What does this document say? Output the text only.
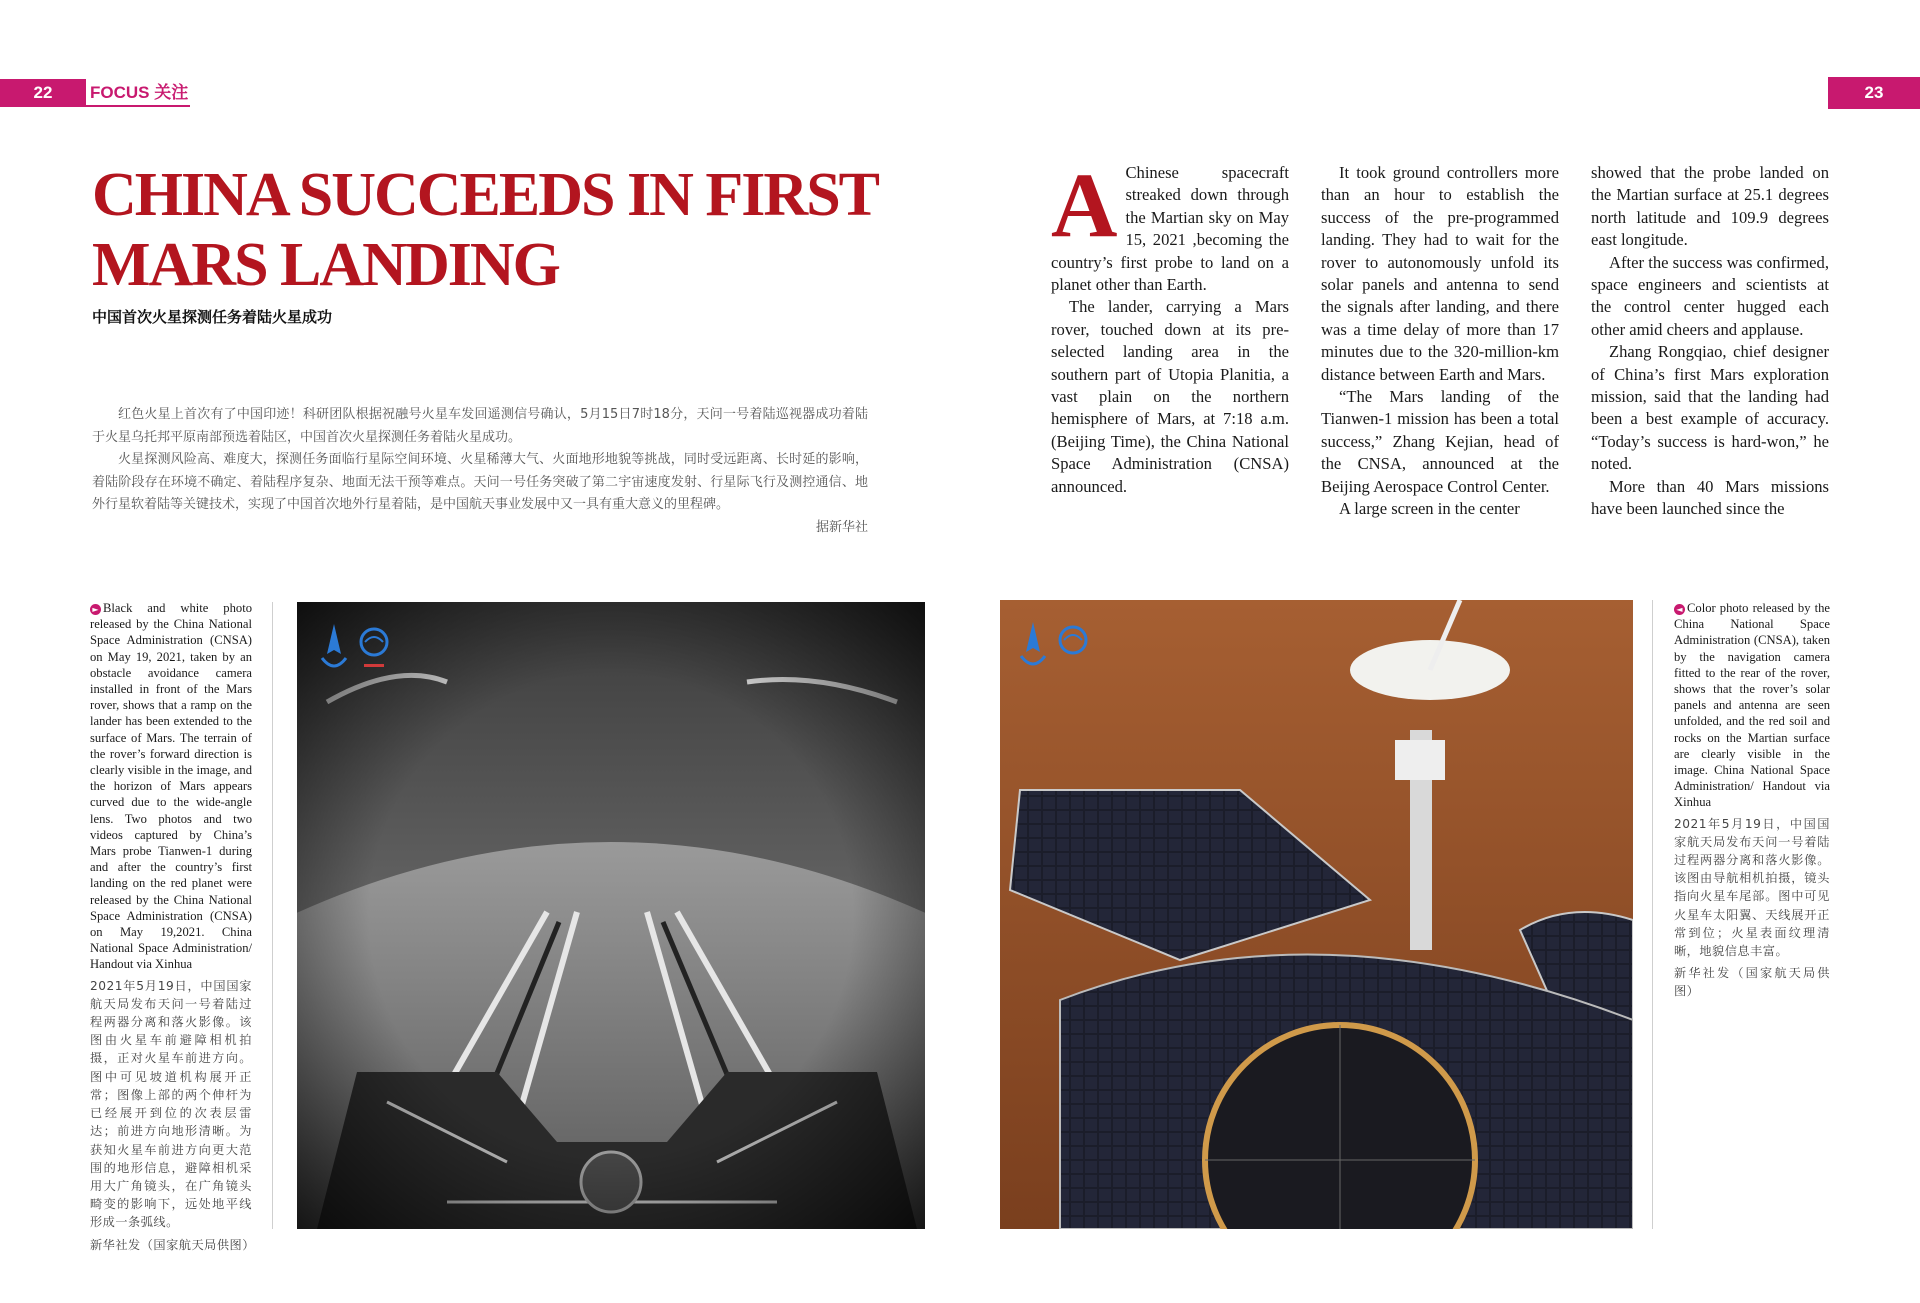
22	FOCUS 关注	23
CHINA SUCCEEDS IN FIRST
MARS LANDING
中国首次火星探测任务着陆火星成功

红色火星上首次有了中国印迹！科研团队根据祝融号火星车发回遥测信号确认，5月15日7时18分，天问一号着陆巡视器成功着陆于火星乌托邦平原南部预选着陆区，中国首次火星探测任务着陆火星成功。

火星探测风险高、难度大，探测任务面临行星际空间环境、火星稀薄大气、火面地形地貌等挑战，同时受远距离、长时延的影响，着陆阶段存在环境不确定、着陆程序复杂、地面无法干预等难点。天问一号任务突破了第二宇宙速度发射、行星际飞行及测控通信、地外行星软着陆等关键技术，实现了中国首次地外行星着陆，是中国航天事业发展中又一具有重大意义的里程碑。

据新华社
A Chinese spacecraft streaked down through the Martian sky on May 15, 2021 ,becoming the country’s first probe to land on a planet other than Earth.

The lander, carrying a Mars rover, touched down at its pre-selected landing area in the southern part of Utopia Planitia, a vast plain on the northern hemisphere of Mars, at 7:18 a.m. (Beijing Time), the China National Space Administration (CNSA) announced.

It took ground controllers more than an hour to establish the success of the pre-programmed landing. They had to wait for the rover to autonomously unfold its solar panels and antenna to send the signals after landing, and there was a time delay of more than 17 minutes due to the 320-million-km distance between Earth and Mars.

“The Mars landing of the Tianwen-1 mission has been a total success,” Zhang Kejian, head of the CNSA, announced at the Beijing Aerospace Control Center.

A large screen in the center

showed that the probe landed on the Martian surface at 25.1 degrees north latitude and 109.9 degrees east longitude.

After the success was confirmed, space engineers and scientists at the control center hugged each other amid cheers and applause.

Zhang Rongqiao, chief designer of China’s first Mars exploration mission, said that the landing had been a best example of accuracy. “Today’s success is hard-won,” he noted.

More than 40 Mars missions have been launched since the

► Black and white photo released by the China National Space Administration (CNSA) on May 19, 2021, taken by an obstacle avoidance camera installed in front of the Mars rover, shows that a ramp on the lander has been extended to the surface of Mars. The terrain of the rover’s forward direction is clearly visible in the image, and the horizon of Mars appears curved due to the wide-angle lens. Two photos and two videos captured by China’s Mars probe Tianwen-1 during and after the country’s first landing on the red planet were released by the China National Space Administration (CNSA) on May 19,2021. China National Space Administration/ Handout via Xinhua

2021年5月19日，中国国家航天局发布天问一号着陆过程两器分离和落火影像。该图由火星车前避障相机拍摄，正对火星车前进方向。图中可见坡道机构展开正常；图像上部的两个伸杆为已经展开到位的次表层雷达；前进方向地形清晰。为获知火星车前进方向更大范围的地形信息，避障相机采用大广角镜头，在广角镜头畸变的影响下，远处地平线形成一条弧线。

新华社发（国家航天局供图）

◄ Color photo released by the China National Space Administration (CNSA), taken by the navigation camera fitted to the rear of the rover, shows that the rover’s solar panels and antenna are seen unfolded, and the red soil and rocks on the Martian surface are clearly visible in the image. China National Space Administration/ Handout via Xinhua

2021年5月19日，中国国家航天局发布天问一号着陆过程两器分离和落火影像。该图由导航相机拍摄，镜头指向火星车尾部。图中可见火星车太阳翼、天线展开正常到位；火星表面纹理清晰，地貌信息丰富。

新华社发（国家航天局供图）
